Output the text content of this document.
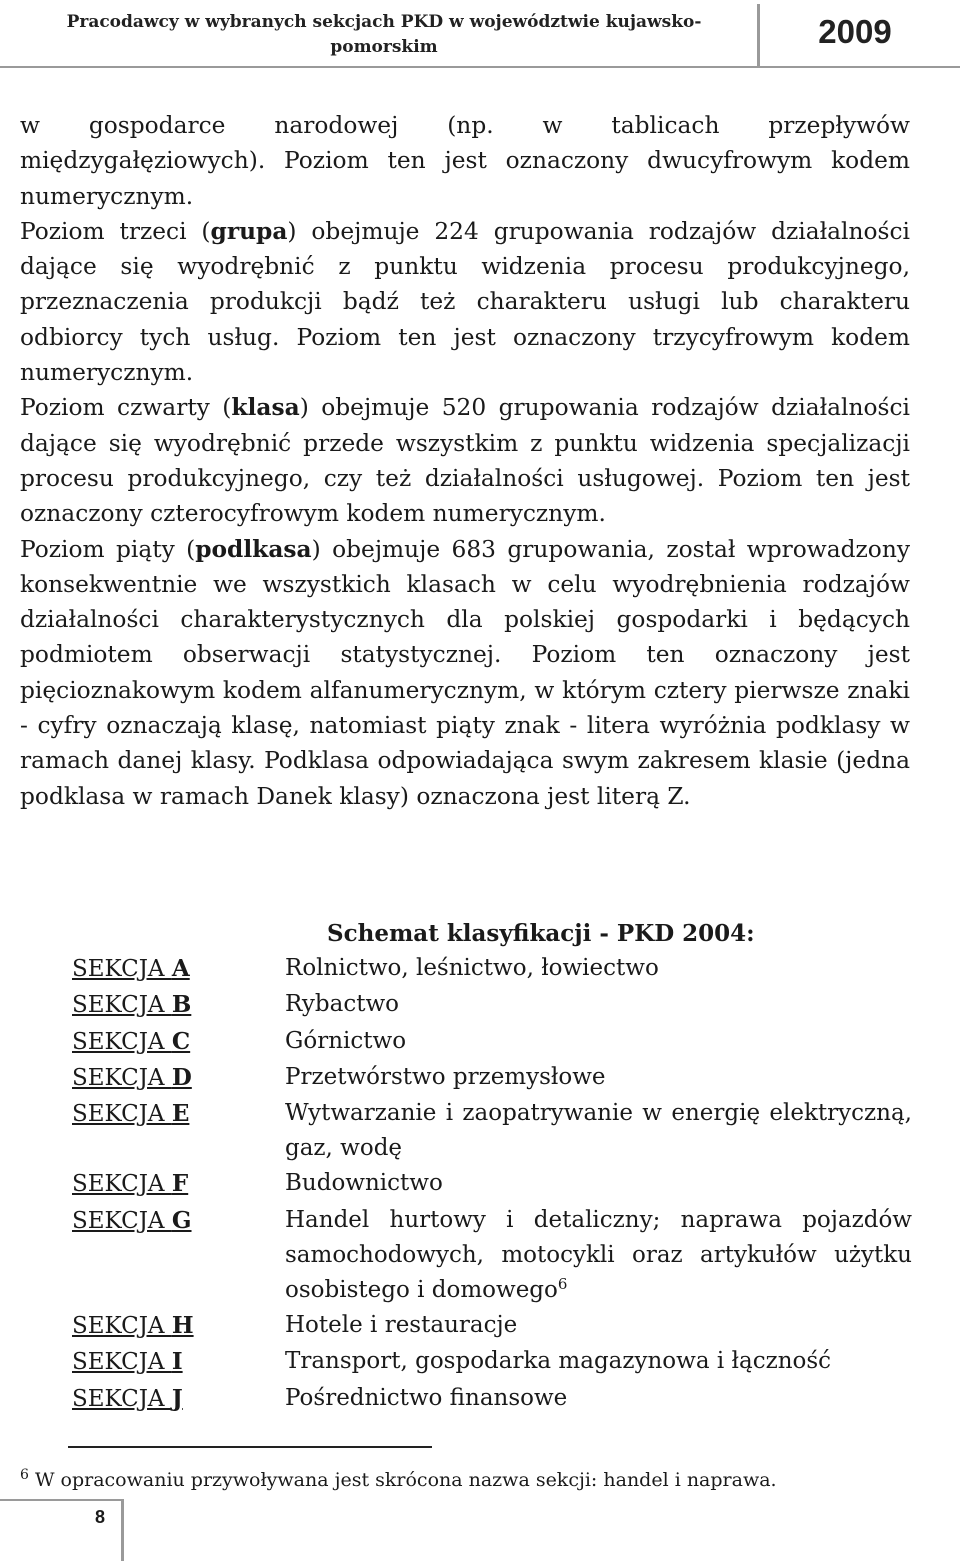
Pracodawcy w wybranych sekcjach PKD w województwie kujawsko-pomorskim	2009

w gospodarce narodowej (np. w tablicach przepływów międzygałęziowych). Poziom ten jest oznaczony dwucyfrowym kodem numerycznym.

Poziom trzeci (grupa) obejmuje 224 grupowania rodzajów działalności dające się wyodrębnić z punktu widzenia procesu produkcyjnego, przeznaczenia produkcji bądź też charakteru usługi lub charakteru odbiorcy tych usług. Poziom ten jest oznaczony trzycyfrowym kodem numerycznym.

Poziom czwarty (klasa) obejmuje 520 grupowania rodzajów działalności dające się wyodrębnić przede wszystkim z punktu widzenia specjalizacji procesu produkcyjnego, czy też działalności usługowej. Poziom ten jest oznaczony czterocyfrowym kodem numerycznym.

Poziom piąty (podlkasa) obejmuje 683 grupowania, został wprowadzony konsekwentnie we wszystkich klasach w celu wyodrębnienia rodzajów działalności charakterystycznych dla polskiej gospodarki i będących podmiotem obserwacji statystycznej. Poziom ten oznaczony jest pięcioznakowym kodem alfanumerycznym, w którym cztery pierwsze znaki - cyfry oznaczają klasę, natomiast piąty znak - litera wyróżnia podklasy w ramach danej klasy. Podklasa odpowiadająca swym zakresem klasie (jedna podklasa w ramach Danek klasy) oznaczona jest literą Z.

Schemat klasyfikacji - PKD 2004:
SEKCJA A	Rolnictwo, leśnictwo, łowiectwo
SEKCJA B	Rybactwo
SEKCJA C	Górnictwo
SEKCJA D	Przetwórstwo przemysłowe
SEKCJA E	Wytwarzanie i zaopatrywanie w energię elektryczną, gaz, wodę
SEKCJA F	Budownictwo
SEKCJA G	Handel hurtowy i detaliczny; naprawa pojazdów samochodowych, motocykli oraz artykułów użytku osobistego i domowego$^6$
SEKCJA H	Hotele i restauracje
SEKCJA I	Transport, gospodarka magazynowa i łączność
SEKCJA J	Pośrednictwo finansowe
$^6$ W opracowaniu przywoływana jest skrócona nazwa sekcji: handel i naprawa.
8
